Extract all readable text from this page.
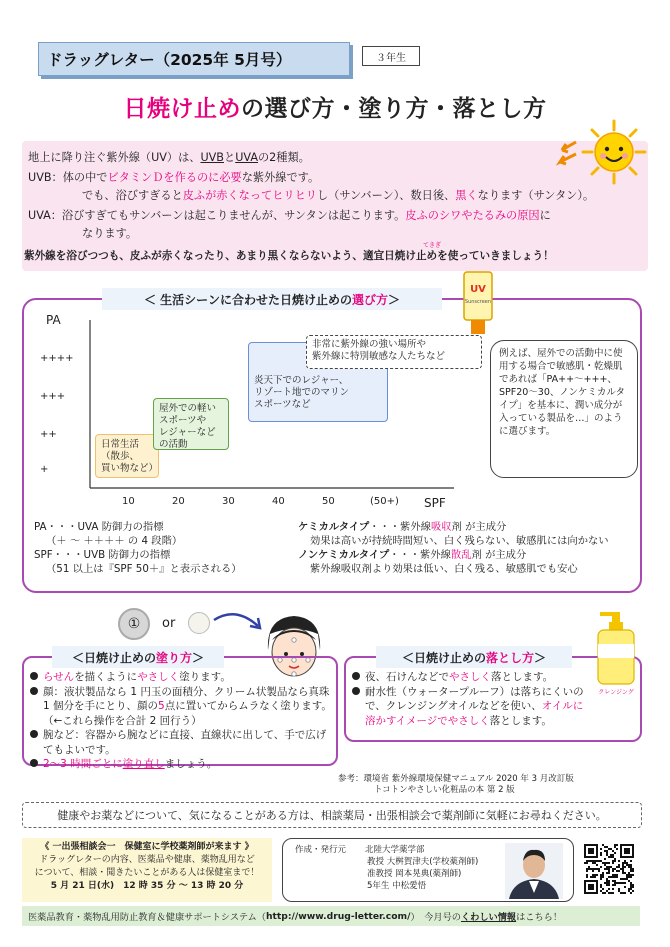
ドラッグレター（2025年 5月号）	３年生
日焼け止めの選び方・塗り方・落とし方
地上に降り注ぐ紫外線（UV）は、UVBとUVAの2種類。
UVB：体の中でビタミンＤを作るのに必要な紫外線です。
でも、浴びすぎると皮ふが赤くなってヒリヒリし（サンバーン）、数日後、黒くなります（サンタン）。
UVA：浴びすぎてもサンバーンは起こりませんが、サンタンは起こります。皮ふのシワやたるみの原因に
なります。
てきぎ
紫外線を浴びつつも、皮ふが赤くなったり、あまり黒くならないよう、適宜日焼け止めを使っていきましょう！
＜ 生活シーンに合わせた日焼け止めの 選び方 ＞
UV
Sunscreen
PA
SPF
++++
+++
++
+
10	20	30	40	50	(50+)
日常生活
（散歩、
買い物など）
屋外での軽い
スポーツや
レジャーなど
の活動
炎天下でのレジャー、
リゾート地でのマリン
スポーツなど
非常に紫外線の強い場所や
紫外線に特別敏感な人たちなど	例えば、屋外での活動中に使用する場合で敏感肌・乾燥肌であれば「PA++～+++、SPF20～30、ノンケミカルタイプ」を基本に、潤い成分が入っている製品を…」のように選びます。
PA・・・UVA 防御力の指標
（＋ ～ ＋＋＋＋ の 4 段階）
SPF・・・UVB 防御力の指標
（51 以上は『SPF 50＋』と表示される）
ケミカルタイプ・・・紫外線吸収剤 が主成分
効果は高いが持続時間短い、白く残らない、敏感肌には向かない
ノンケミカルタイプ・・・紫外線散乱剤 が主成分
紫外線吸収剤より効果は低い、白く残る、敏感肌でも安心
①	or
＜日焼け止めの 塗り方 ＞
らせんを描くようにやさしく塗ります。
顔：液状製品なら 1 円玉の面積分、クリーム状製品なら真珠 1 個分を手にとり、顔の5点に置いてからムラなく塗ります。（←これら操作を合計 2 回行う）
腕など：容器から腕などに直接、直線状に出して、手で広げてもよいです。
2～3 時間ごとに塗り直しましょう。
＜日焼け止めの 落とし方 ＞
クレンジング
夜、石けんなどでやさしく落とします。
耐水性（ウォータープルーフ）は落ちにくいので、クレンジングオイルなどを使い、オイルに溶かすイメージでやさしく落とします。
参考：環境省 紫外線環境保健マニュアル 2020 年 3 月改訂版
トコトンやさしい化粧品の本 第 2 版
健康やお薬などについて、気になることがある方は、相談薬局・出張相談会で薬剤師に気軽にお尋ねください。
《 一出張相談会一　保健室に学校薬剤師が来ます 》
ドラッグレターの内容、医薬品や健康、薬物乱用など
について、相談・聞きたいことがある人は保健室まで！
5 月 21 日(水)　12 時 35 分 ～ 13 時 20 分
作成・発行元 北陸大学薬学部
教授 大桝賀津夫(学校薬剤師)
准教授 岡本晃典(薬剤師)
5年生 中松愛悟
医薬品教育・薬物乱用防止教育＆健康サポートシステム（ http://www.drug-letter.com/ ）　今月号の くわしい情報 はこちら！
